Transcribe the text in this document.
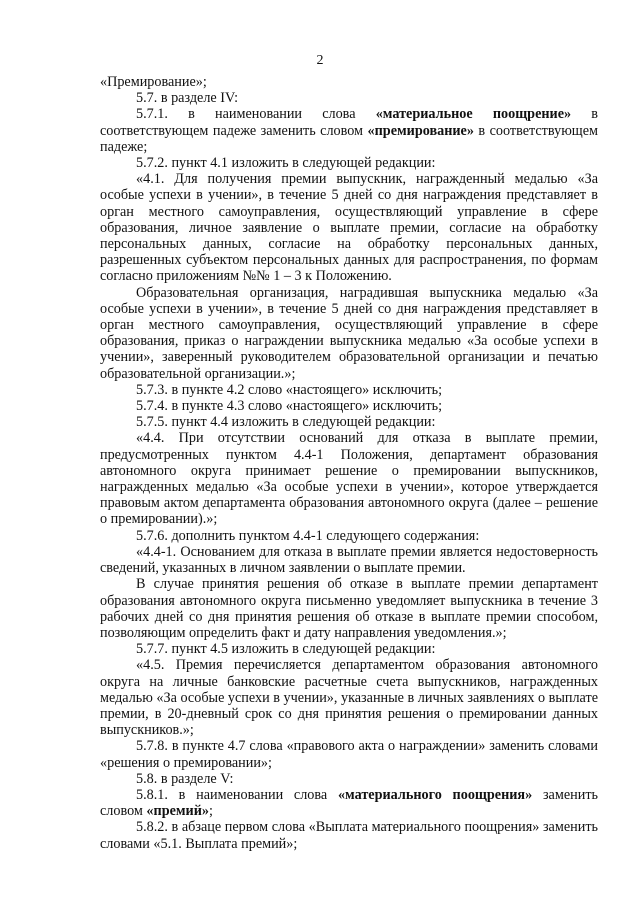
2

«Премирование»;

5.7. в разделе IV:

5.7.1. в наименовании слова «материальное поощрение» в соответствующем падеже заменить словом «премирование» в соответствующем падеже;

5.7.2. пункт 4.1 изложить в следующей редакции:

«4.1. Для получения премии выпускник, награжденный медалью «За особые успехи в учении», в течение 5 дней со дня награждения представляет в орган местного самоуправления, осуществляющий управление в сфере образования, личное заявление о выплате премии, согласие на обработку персональных данных, согласие на обработку персональных данных, разрешенных субъектом персональных данных для распространения, по формам согласно приложениям №№ 1 – 3 к Положению.

Образовательная организация, наградившая выпускника медалью «За особые успехи в учении», в течение 5 дней со дня награждения представляет в орган местного самоуправления, осуществляющий управление в сфере образования, приказ о награждении выпускника медалью «За особые успехи в учении», заверенный руководителем образовательной организации и печатью образовательной организации.»;

5.7.3. в пункте 4.2 слово «настоящего» исключить;

5.7.4. в пункте 4.3 слово «настоящего» исключить;

5.7.5. пункт 4.4 изложить в следующей редакции:

«4.4. При отсутствии оснований для отказа в выплате премии, предусмотренных пунктом 4.4-1 Положения, департамент образования автономного округа принимает решение о премировании выпускников, награжденных медалью «За особые успехи в учении», которое утверждается правовым актом департамента образования автономного округа (далее – решение о премировании).»;

5.7.6. дополнить пунктом 4.4-1 следующего содержания:

«4.4-1. Основанием для отказа в выплате премии является недостоверность сведений, указанных в личном заявлении о выплате премии.

В случае принятия решения об отказе в выплате премии департамент образования автономного округа письменно уведомляет выпускника в течение 3 рабочих дней со дня принятия решения об отказе в выплате премии способом, позволяющим определить факт и дату направления уведомления.»;

5.7.7. пункт 4.5 изложить в следующей редакции:

«4.5. Премия перечисляется департаментом образования автономного округа на личные банковские расчетные счета выпускников, награжденных медалью «За особые успехи в учении», указанные в личных заявлениях о выплате премии, в 20-дневный срок со дня принятия решения о премировании данных выпускников.»;

5.7.8. в пункте 4.7 слова «правового акта о награждении» заменить словами «решения о премировании»;

5.8. в разделе V:

5.8.1. в наименовании слова «материального поощрения» заменить словом «премий»;

5.8.2. в абзаце первом слова «Выплата материального поощрения» заменить словами «5.1. Выплата премий»;
